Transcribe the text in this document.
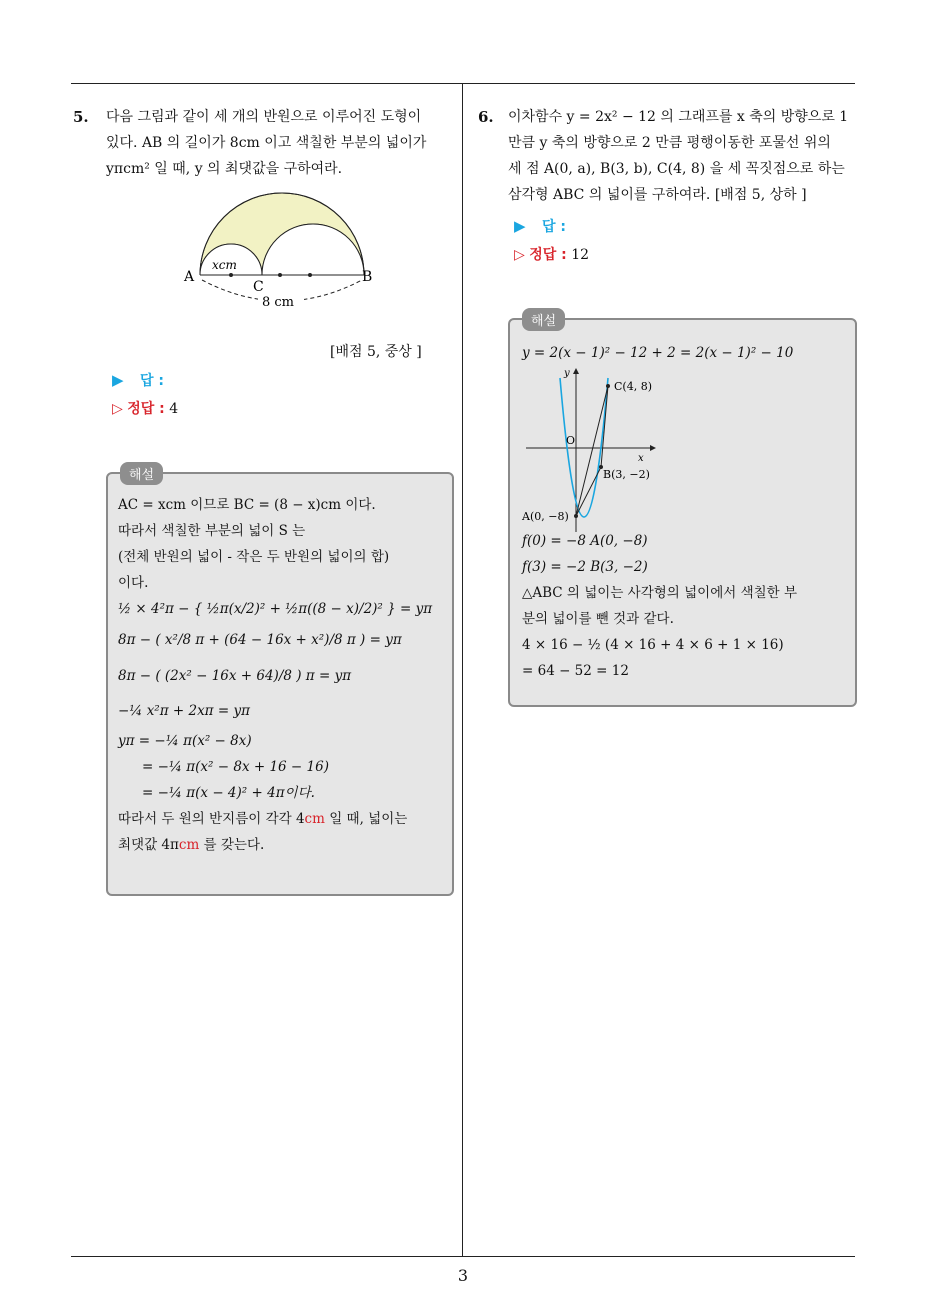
5. 다음 그림과 같이 세 개의 반원으로 이루어진 도형이
있다. AB 의 길이가 8cm 이고 색칠한 부분의 넓이가
yπcm² 일 때, y 의 최댓값을 구하여라.
A	B
C
xcm
8 cm
[배점 5, 중상 ]
▶ 답 :
▷ 정답 : 4
해설
AC = xcm 이므로 BC = (8 − x)cm 이다.
따라서 색칠한 부분의 넓이 S 는
(전체 반원의 넓이 - 작은 두 반원의 넓이의 합)
이다.
½ × 4²π − { ½π(x/2)² + ½π((8 − x)/2)² } = yπ
8π − ( x²/8 π + (64 − 16x + x²)/8 π ) = yπ
8π − ( (2x² − 16x + 64)/8 ) π = yπ
−¼ x²π + 2xπ = yπ
yπ = −¼ π(x² − 8x)
= −¼ π(x² − 8x + 16 − 16)
= −¼ π(x − 4)² + 4π이다.
따라서 두 원의 반지름이 각각 4cm 일 때, 넓이는
최댓값 4πcm 를 갖는다.
6. 이차함수 y = 2x² − 12 의 그래프를 x 축의 방향으로 1
만큼 y 축의 방향으로 2 만큼 평행이동한 포물선 위의
세 점 A(0, a), B(3, b), C(4, 8) 을 세 꼭짓점으로 하는
삼각형 ABC 의 넓이를 구하여라. [배점 5, 상하 ]
▶ 답 :
▷ 정답 : 12
해설
y = 2(x − 1)² − 12 + 2 = 2(x − 1)² − 10
y
x
O
C(4, 8)
B(3, −2)
A(0, −8)
f(0) = −8 A(0, −8)
f(3) = −2 B(3, −2)
△ABC 의 넓이는 사각형의 넓이에서 색칠한 부
분의 넓이를 뺀 것과 같다.
4 × 16 − ½ (4 × 16 + 4 × 6 + 1 × 16)
= 64 − 52 = 12
3
